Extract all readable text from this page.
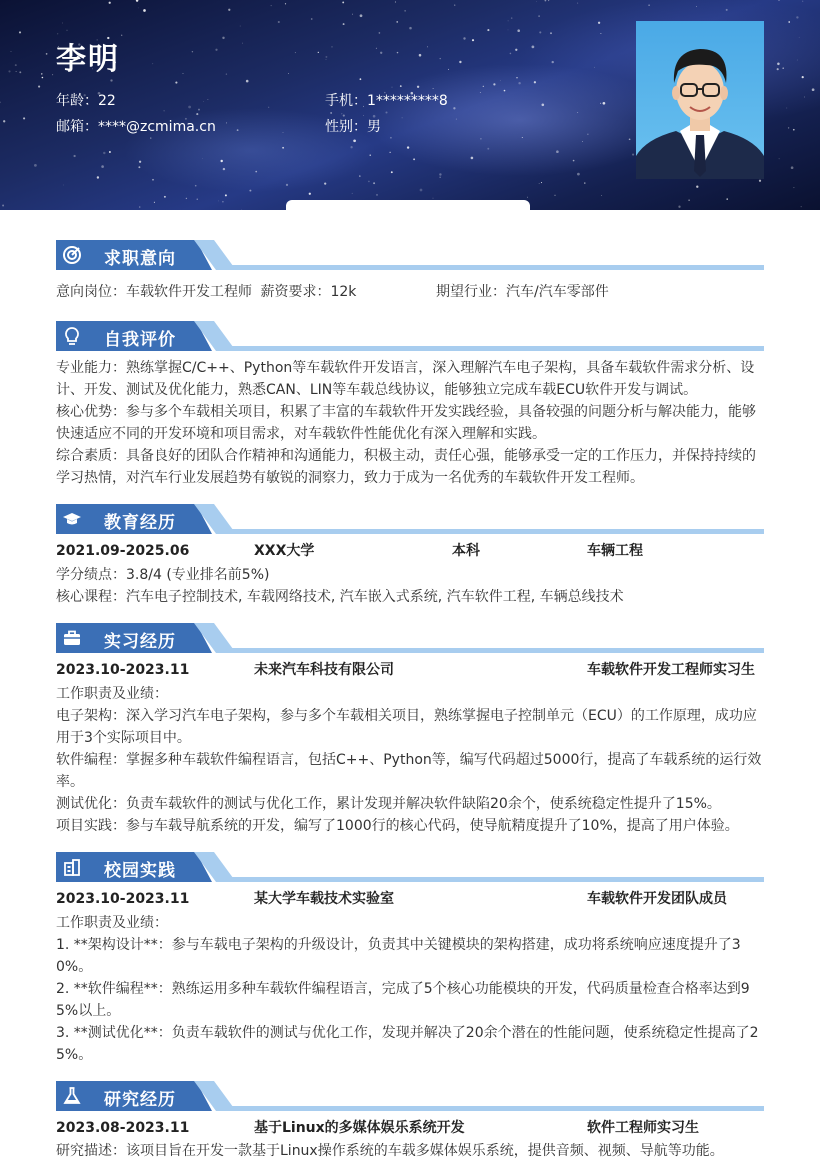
李明
年龄：22	手机：1*********8
邮箱：****@zcmima.cn	性别：男
求职意向
意向岗位：车载软件开发工程师 薪资要求：12k	期望行业：汽车/汽车零部件
自我评价
专业能力：熟练掌握C/C++、Python等车载软件开发语言，深入理解汽车电子架构，具备车载软件需求分析、设计、开发、测试及优化能力，熟悉CAN、LIN等车载总线协议，能够独立完成车载ECU软件开发与调试。
核心优势：参与多个车载相关项目，积累了丰富的车载软件开发实践经验，具备较强的问题分析与解决能力，能够快速适应不同的开发环境和项目需求，对车载软件性能优化有深入理解和实践。
综合素质：具备良好的团队合作精神和沟通能力，积极主动，责任心强，能够承受一定的工作压力，并保持持续的学习热情，对汽车行业发展趋势有敏锐的洞察力，致力于成为一名优秀的车载软件开发工程师。
教育经历
2021.09-2025.06	XXX大学	本科	车辆工程
学分绩点：3.8/4 (专业排名前5%)
核心课程：汽车电子控制技术, 车载网络技术, 汽车嵌入式系统, 汽车软件工程, 车辆总线技术
实习经历
2023.10-2023.11	未来汽车科技有限公司	车载软件开发工程师实习生
工作职责及业绩：
电子架构：深入学习汽车电子架构，参与多个车载相关项目，熟练掌握电子控制单元（ECU）的工作原理，成功应用于3个实际项目中。
软件编程：掌握多种车载软件编程语言，包括C++、Python等，编写代码超过5000行，提高了车载系统的运行效率。
测试优化：负责车载软件的测试与优化工作，累计发现并解决软件缺陷20余个，使系统稳定性提升了15%。
项目实践：参与车载导航系统的开发，编写了1000行的核心代码，使导航精度提升了10%，提高了用户体验。
校园实践
2023.10-2023.11	某大学车载技术实验室	车载软件开发团队成员
工作职责及业绩：
1. **架构设计**：参与车载电子架构的升级设计，负责其中关键模块的架构搭建，成功将系统响应速度提升了30%。
2. **软件编程**：熟练运用多种车载软件编程语言，完成了5个核心功能模块的开发，代码质量检查合格率达到95%以上。
3. **测试优化**：负责车载软件的测试与优化工作，发现并解决了20余个潜在的性能问题，使系统稳定性提高了25%。
研究经历
2023.08-2023.11	基于Linux的多媒体娱乐系统开发	软件工程师实习生
研究描述：该项目旨在开发一款基于Linux操作系统的车载多媒体娱乐系统，提供音频、视频、导航等功能。
